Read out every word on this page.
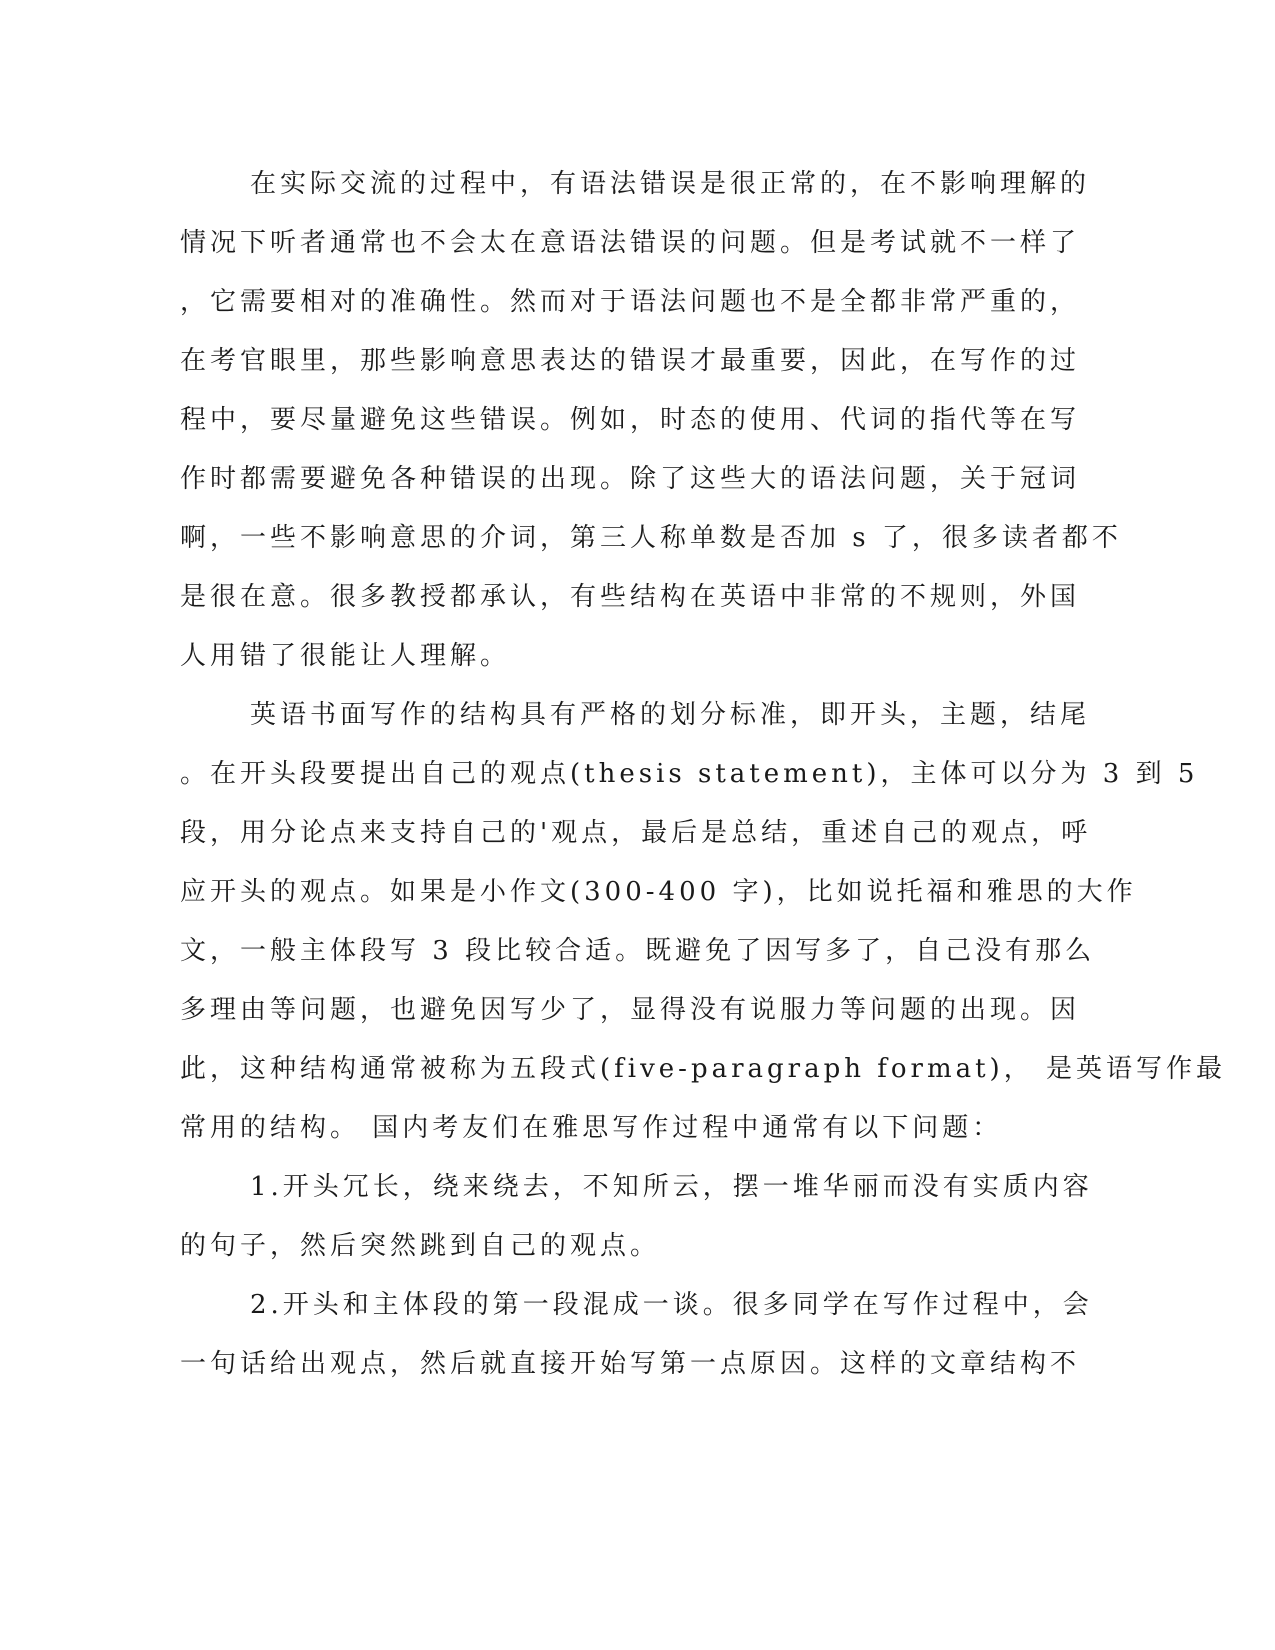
在实际交流的过程中，有语法错误是很正常的，在不影响理解的
情况下听者通常也不会太在意语法错误的问题。但是考试就不一样了
，它需要相对的准确性。然而对于语法问题也不是全都非常严重的，
在考官眼里，那些影响意思表达的错误才最重要，因此，在写作的过
程中，要尽量避免这些错误。例如，时态的使用、代词的指代等在写
作时都需要避免各种错误的出现。除了这些大的语法问题，关于冠词
啊，一些不影响意思的介词，第三人称单数是否加 s 了，很多读者都不
是很在意。很多教授都承认，有些结构在英语中非常的不规则，外国
人用错了很能让人理解。
英语书面写作的结构具有严格的划分标准，即开头，主题，结尾
。在开头段要提出自己的观点(thesis statement)，主体可以分为 3 到 5
段，用分论点来支持自己的'观点，最后是总结，重述自己的观点，呼
应开头的观点。如果是小作文(300-400 字)，比如说托福和雅思的大作
文，一般主体段写 3 段比较合适。既避免了因写多了，自己没有那么
多理由等问题，也避免因写少了，显得没有说服力等问题的出现。因
此，这种结构通常被称为五段式(five-paragraph format)， 是英语写作最
常用的结构。 国内考友们在雅思写作过程中通常有以下问题：
1.开头冗长，绕来绕去，不知所云，摆一堆华丽而没有实质内容
的句子，然后突然跳到自己的观点。
2.开头和主体段的第一段混成一谈。很多同学在写作过程中，会
一句话给出观点，然后就直接开始写第一点原因。这样的文章结构不
